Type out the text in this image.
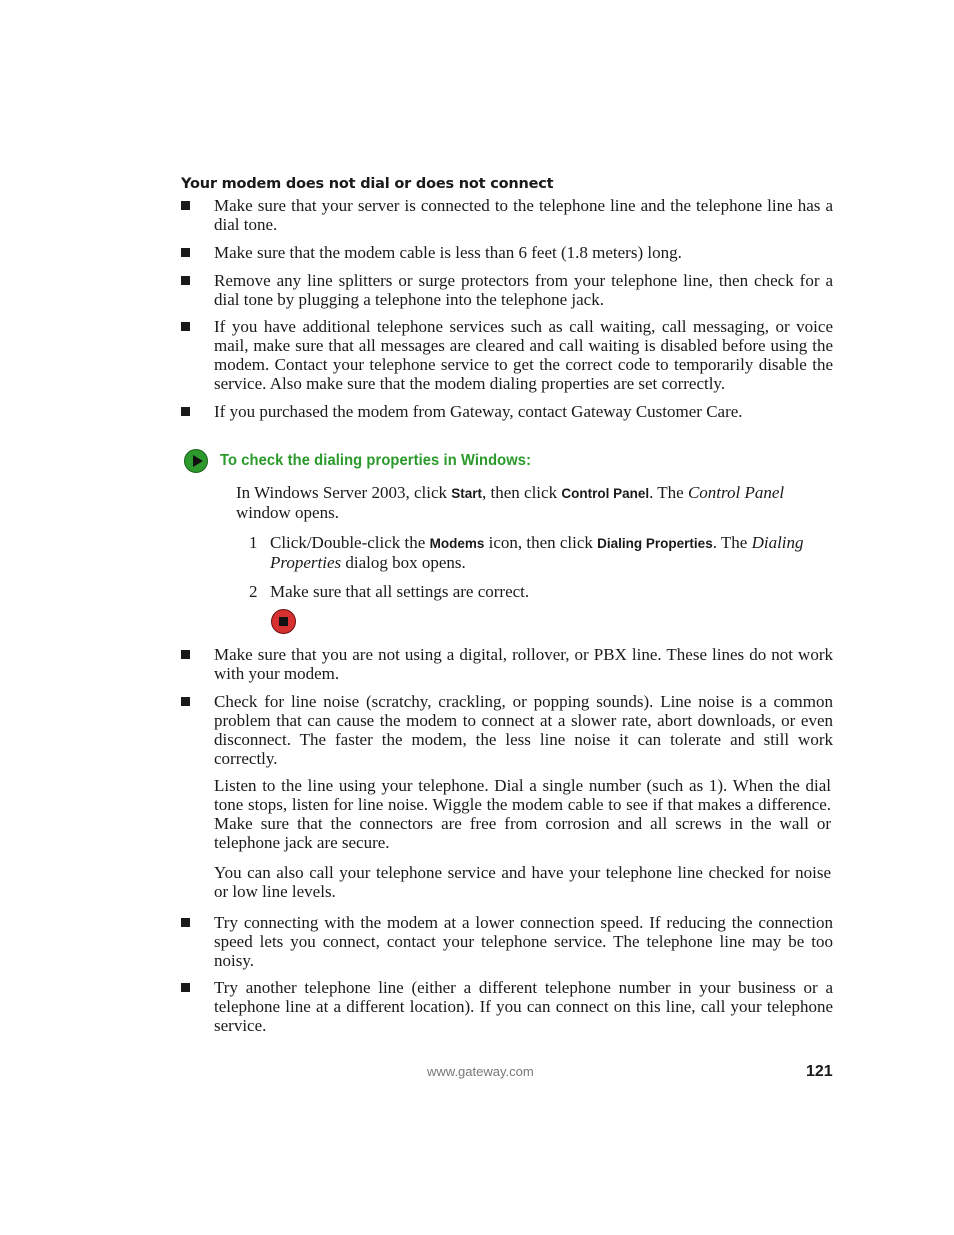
Your modem does not dial or does not connect
Make sure that your server is connected to the telephone line and the telephone line has a dial tone.
Make sure that the modem cable is less than 6 feet (1.8 meters) long.
Remove any line splitters or surge protectors from your telephone line, then check for a dial tone by plugging a telephone into the telephone jack.
If you have additional telephone services such as call waiting, call messaging, or voice mail, make sure that all messages are cleared and call waiting is disabled before using the modem. Contact your telephone service to get the correct code to temporarily disable the service. Also make sure that the modem dialing properties are set correctly.
If you purchased the modem from Gateway, contact Gateway Customer Care.
To check the dialing properties in Windows:
In Windows Server 2003, click Start, then click Control Panel. The Control Panel window opens.
1 Click/Double-click the Modems icon, then click Dialing Properties. The Dialing Properties dialog box opens.
2 Make sure that all settings are correct.
Make sure that you are not using a digital, rollover, or PBX line. These lines do not work with your modem.
Check for line noise (scratchy, crackling, or popping sounds). Line noise is a common problem that can cause the modem to connect at a slower rate, abort downloads, or even disconnect. The faster the modem, the less line noise it can tolerate and still work correctly.
Listen to the line using your telephone. Dial a single number (such as 1). When the dial tone stops, listen for line noise. Wiggle the modem cable to see if that makes a difference. Make sure that the connectors are free from corrosion and all screws in the wall or telephone jack are secure.
You can also call your telephone service and have your telephone line checked for noise or low line levels.
Try connecting with the modem at a lower connection speed. If reducing the connection speed lets you connect, contact your telephone service. The telephone line may be too noisy.
Try another telephone line (either a different telephone number in your business or a telephone line at a different location). If you can connect on this line, call your telephone service.
www.gateway.com	121
